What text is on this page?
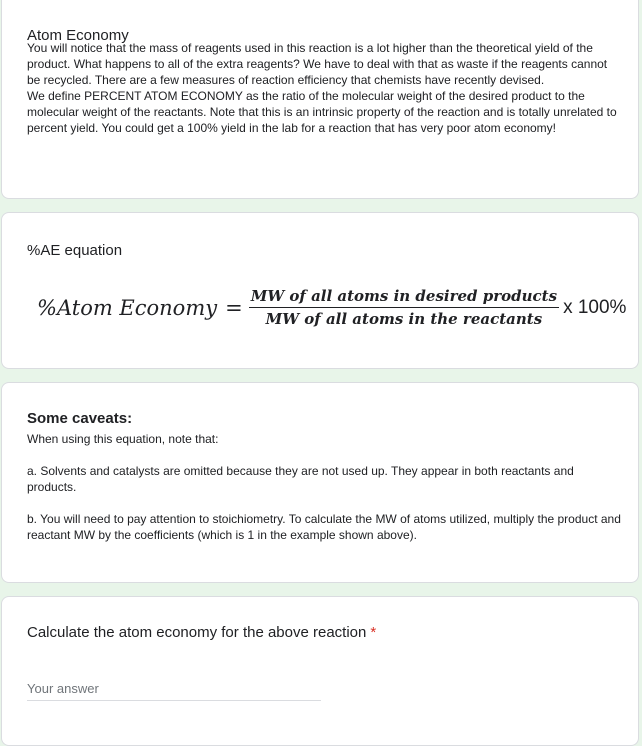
Atom Economy

You will notice that the mass of reagents used in this reaction is a lot higher than the theoretical yield of the product. What happens to all of the extra reagents? We have to deal with that as waste if the reagents cannot be recycled. There are a few measures of reaction efficiency that chemists have recently devised.

We define PERCENT ATOM ECONOMY as the ratio of the molecular weight of the desired product to the molecular weight of the reactants. Note that this is an intrinsic property of the reaction and is totally unrelated to percent yield. You could get a 100% yield in the lab for a reaction that has very poor atom economy!

%AE equation
%Atom Economy = $\frac{\text{MW of all atoms in desired products}}{\text{MW of all atoms in the reactants}}$ x 100%
Some caveats:

When using this equation, note that:

a. Solvents and catalysts are omitted because they are not used up. They appear in both reactants and products.

b. You will need to pay attention to stoichiometry. To calculate the MW of atoms utilized, multiply the product and reactant MW by the coefficients (which is 1 in the example shown above).

Calculate the atom economy for the above reaction *
Your answer
